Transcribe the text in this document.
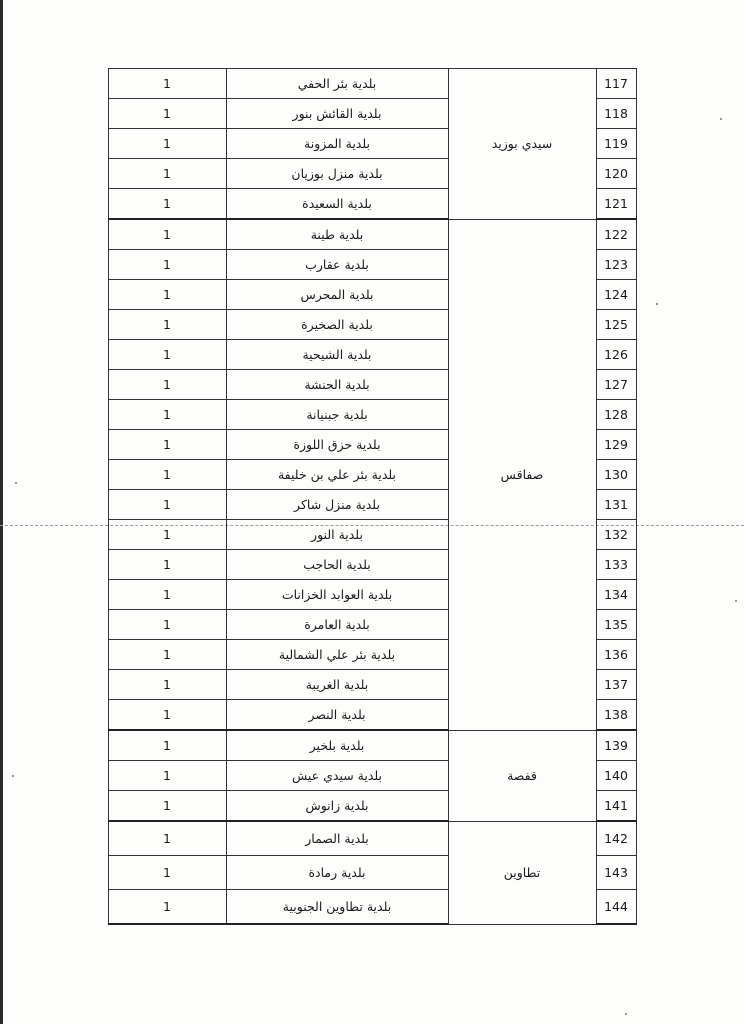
117	سيدي بوزيد	بلدية بئر الحفي	1	
118		بلدية القائش بنور	1	
119		بلدية المزونة	1	
120		بلدية منزل بوزيان	1	
121		بلدية السعيدة	1	
122	صفاقس	بلدية طينة	1	
123		بلدية عقارب	1	
124		بلدية المحرس	1	
125		بلدية الصخيرة	1	
126		بلدية الشيحية	1	
127		بلدية الحنشة	1	
128		بلدية جبنيانة	1	
129		بلدية حزق اللوزة	1	
130		بلدية بئر علي بن خليفة	1	
131		بلدية منزل شاكر	1	
132		بلدية النور	1	
133		بلدية الحاجب	1	
134		بلدية العوابد الخزانات	1	
135		بلدية العامرة	1	
136		بلدية بئر علي الشمالية	1	
137		بلدية الغريبة	1	
138		بلدية النصر	1	
139	قفصة	بلدية بلخير	1	
140		بلدية سيدي عيش	1	
141		بلدية زانوش	1	
142	تطاوين	بلدية الصمار	1	
143		بلدية رمادة	1	
144		بلدية تطاوين الجنوبية	1	
